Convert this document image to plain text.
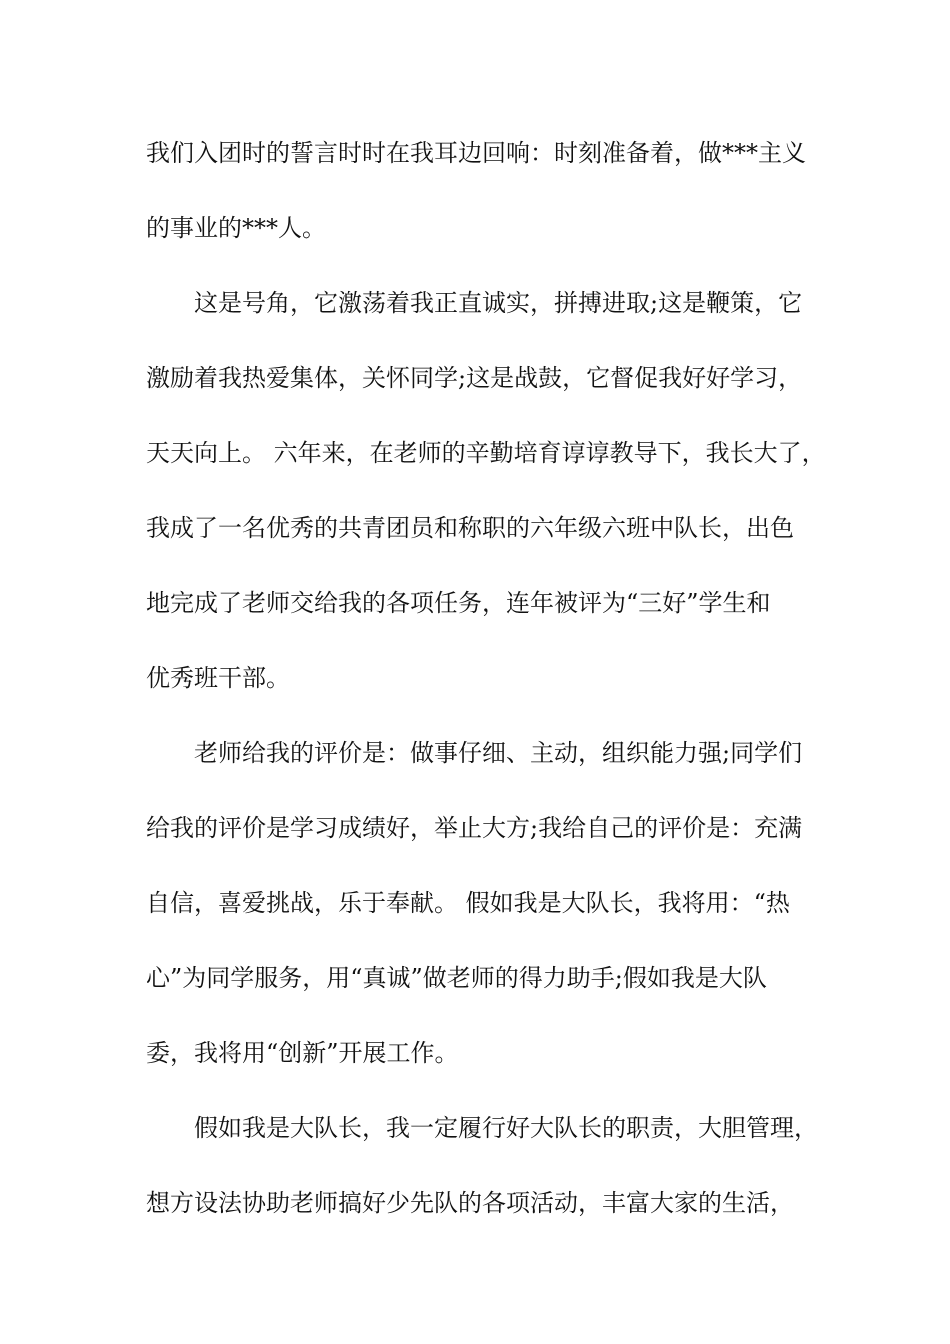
我们入团时的誓言时时在我耳边回响：时刻准备着，做***主义
的事业的***人。
这是号角，它激荡着我正直诚实，拼搏进取;这是鞭策，它
激励着我热爱集体，关怀同学;这是战鼓，它督促我好好学习，
天天向上。 六年来，在老师的辛勤培育谆谆教导下，我长大了，
我成了一名优秀的共青团员和称职的六年级六班中队长，出色
地完成了老师交给我的各项任务，连年被评为“三好”学生和
优秀班干部。
老师给我的评价是：做事仔细、主动，组织能力强;同学们
给我的评价是学习成绩好，举止大方;我给自己的评价是：充满
自信，喜爱挑战，乐于奉献。 假如我是大队长，我将用：“热
心”为同学服务，用“真诚”做老师的得力助手;假如我是大队
委，我将用“创新”开展工作。
假如我是大队长，我一定履行好大队长的职责，大胆管理，
想方设法协助老师搞好少先队的各项活动，丰富大家的生活，
